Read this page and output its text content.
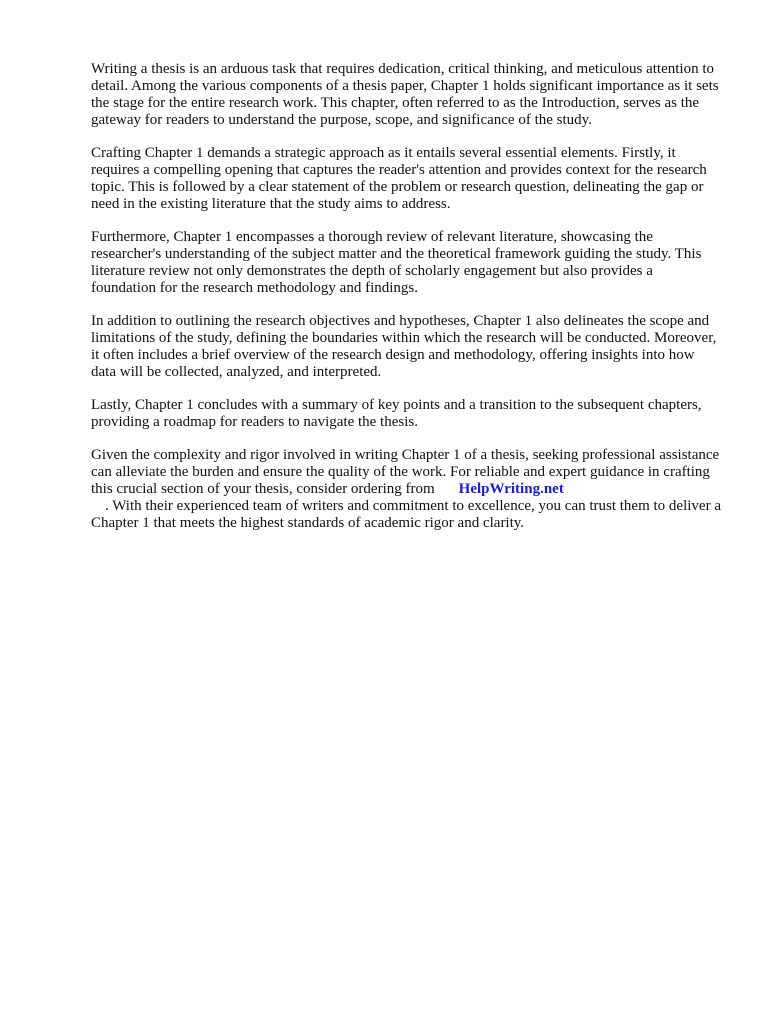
Writing a thesis is an arduous task that requires dedication, critical thinking, and meticulous attention to detail. Among the various components of a thesis paper, Chapter 1 holds significant importance as it sets the stage for the entire research work. This chapter, often referred to as the Introduction, serves as the gateway for readers to understand the purpose, scope, and significance of the study.

Crafting Chapter 1 demands a strategic approach as it entails several essential elements. Firstly, it requires a compelling opening that captures the reader's attention and provides context for the research topic. This is followed by a clear statement of the problem or research question, delineating the gap or need in the existing literature that the study aims to address.

Furthermore, Chapter 1 encompasses a thorough review of relevant literature, showcasing the researcher's understanding of the subject matter and the theoretical framework guiding the study. This literature review not only demonstrates the depth of scholarly engagement but also provides a foundation for the research methodology and findings.

In addition to outlining the research objectives and hypotheses, Chapter 1 also delineates the scope and limitations of the study, defining the boundaries within which the research will be conducted. Moreover, it often includes a brief overview of the research design and methodology, offering insights into how data will be collected, analyzed, and interpreted.

Lastly, Chapter 1 concludes with a summary of key points and a transition to the subsequent chapters, providing a roadmap for readers to navigate the thesis.

Given the complexity and rigor involved in writing Chapter 1 of a thesis, seeking professional assistance can alleviate the burden and ensure the quality of the work. For reliable and expert guidance in crafting this crucial section of your thesis, consider ordering from HelpWriting.net
. With their experienced team of writers and commitment to excellence, you can trust them to deliver a Chapter 1 that meets the highest standards of academic rigor and clarity.
